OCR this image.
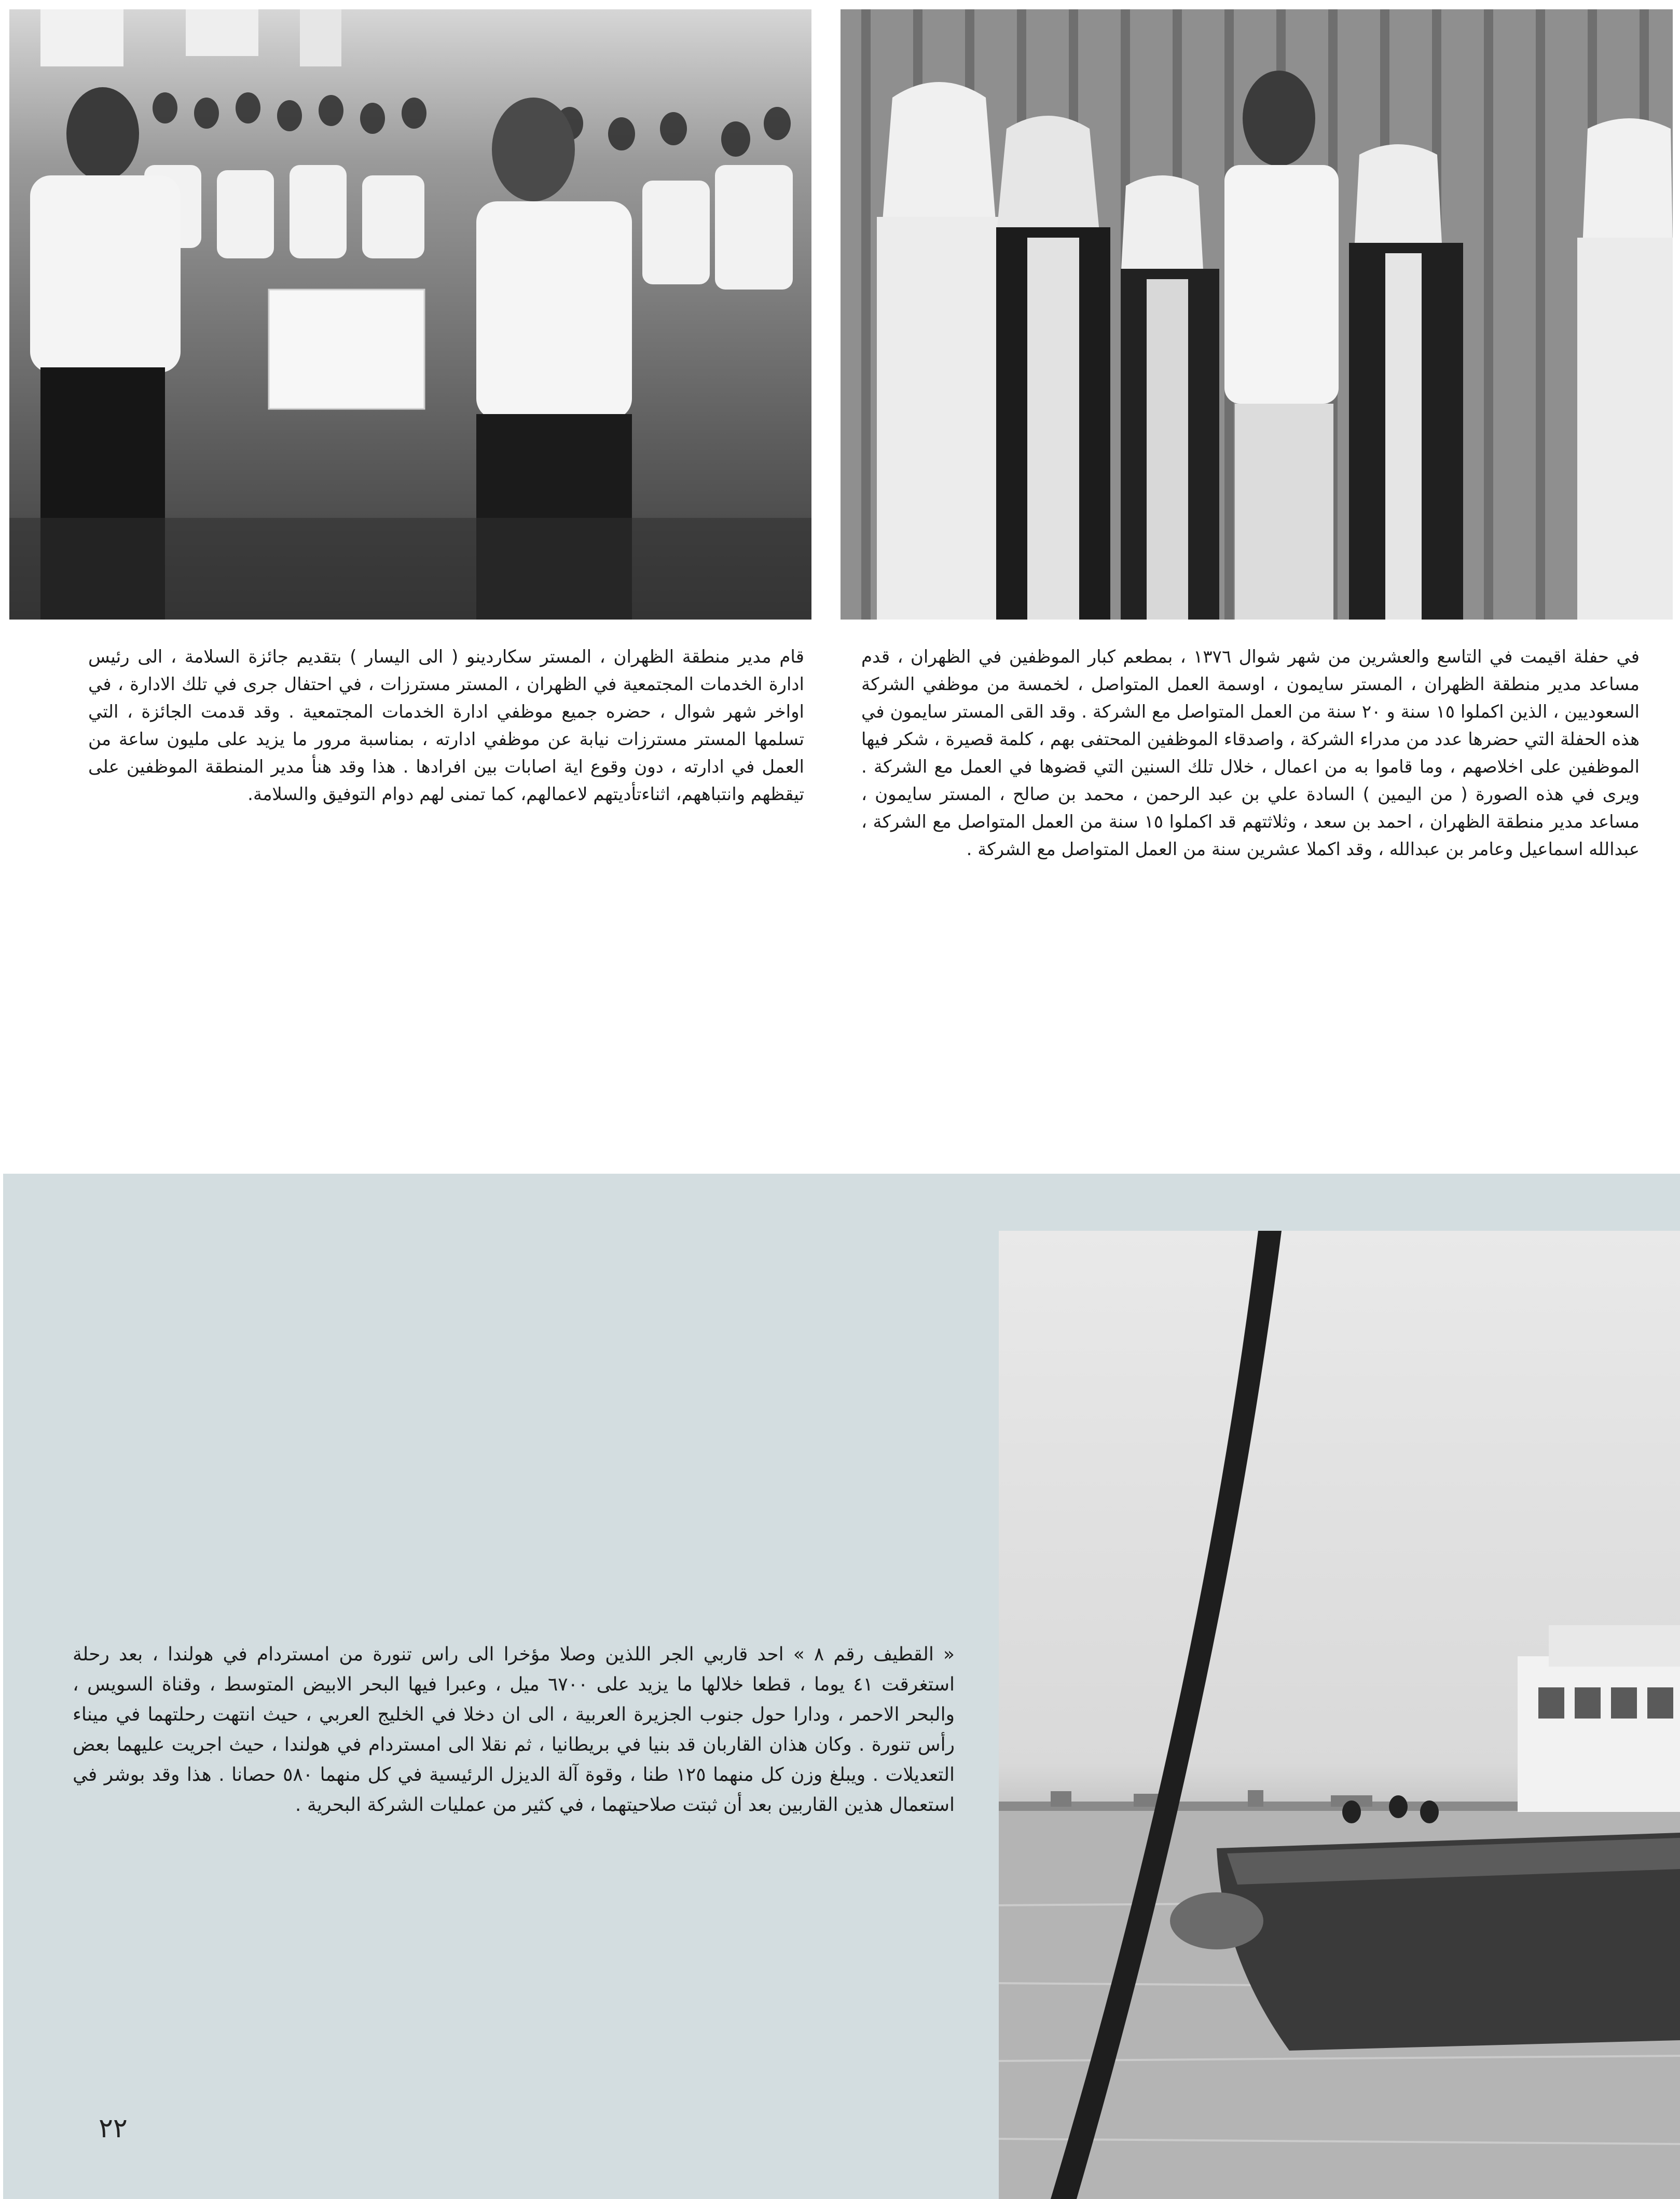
قام مدير منطقة الظهران ، المستر سكاردينو ( الى اليسار ) بتقديم جائزة السلامة ، الى رئيس ادارة الخدمات المجتمعية في الظهران ، المستر مسترزات ، في احتفال جرى في تلك الادارة ، في اواخر شهر شوال ، حضره جميع موظفي ادارة الخدمات المجتمعية . وقد قدمت الجائزة ، التي تسلمها المستر مسترزات نيابة عن موظفي ادارته ، بمناسبة مرور ما يزيد على مليون ساعة من العمل في ادارته ، دون وقوع اية اصابات بين افرادها . هذا وقد هنأ مدير المنطقة الموظفين على تيقظهم وانتباههم، اثناءتأديتهم لاعمالهم، كما تمنى لهم دوام التوفيق والسلامة.

في حفلة اقيمت في التاسع والعشرين من شهر شوال ١٣٧٦ ، بمطعم كبار الموظفين في الظهران ، قدم مساعد مدير منطقة الظهران ، المستر سايمون ، اوسمة العمل المتواصل ، لخمسة من موظفي الشركة السعوديين ، الذين اكملوا ١٥ سنة و ٢٠ سنة من العمل المتواصل مع الشركة . وقد القى المستر سايمون في هذه الحفلة التي حضرها عدد من مدراء الشركة ، واصدقاء الموظفين المحتفى بهم ، كلمة قصيرة ، شكر فيها الموظفين على اخلاصهم ، وما قاموا به من اعمال ، خلال تلك السنين التي قضوها في العمل مع الشركة . ويرى في هذه الصورة ( من اليمين ) السادة علي بن عبد الرحمن ، محمد بن صالح ، المستر سايمون ، مساعد مدير منطقة الظهران ، احمد بن سعد ، وثلاثتهم قد اكملوا ١٥ سنة من العمل المتواصل مع الشركة ، عبدالله اسماعيل وعامر بن عبدالله ، وقد اكملا عشرين سنة من العمل المتواصل مع الشركة .

« القطيف رقم ٨ » احد قاربي الجر اللذين وصلا مؤخرا الى راس تنورة من امستردام في هولندا ، بعد رحلة استغرقت ٤١ يوما ، قطعا خلالها ما يزيد على ٦٧٠٠ ميل ، وعبرا فيها البحر الابيض المتوسط ، وقناة السويس ، والبحر الاحمر ، ودارا حول جنوب الجزيرة العربية ، الى ان دخلا في الخليج العربي ، حيث انتهت رحلتهما في ميناء رأس تنورة . وكان هذان القاربان قد بنيا في بريطانيا ، ثم نقلا الى امستردام في هولندا ، حيث اجريت عليهما بعض التعديلات . ويبلغ وزن كل منهما ١٢٥ طنا ، وقوة آلة الديزل الرئيسية في كل منهما ٥٨٠ حصانا . هذا وقد بوشر في استعمال هذين القاربين بعد أن ثبتت صلاحيتهما ، في كثير من عمليات الشركة البحرية .

٢٢
